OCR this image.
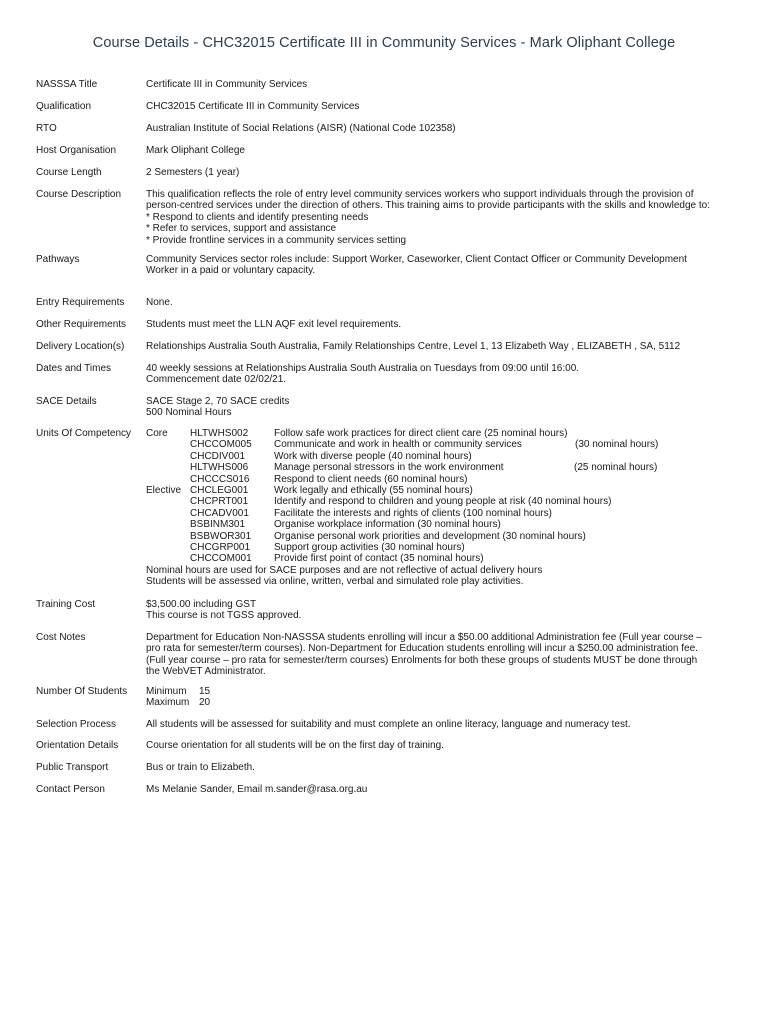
Course Details - CHC32015 Certificate III in Community Services - Mark Oliphant College
NASSSA Title	Certificate III in Community Services
Qualification	CHC32015 Certificate III in Community Services
RTO	Australian Institute of Social Relations (AISR) (National Code 102358)
Host Organisation	Mark Oliphant College
Course Length	2 Semesters (1 year)
Course Description	This qualification reflects the role of entry level community services workers who support individuals through the provision of
person-centred services under the direction of others. This training aims to provide participants with the skills and knowledge to:
* Respond to clients and identify presenting needs
* Refer to services, support and assistance
* Provide frontline services in a community services setting
Pathways	Community Services sector roles include: Support Worker, Caseworker, Client Contact Officer or Community Development
Worker in a paid or voluntary capacity.
Entry Requirements	None.
Other Requirements	Students must meet the LLN AQF exit level requirements.
Delivery Location(s)	Relationships Australia South Australia, Family Relationships Centre, Level 1, 13 Elizabeth Way , ELIZABETH , SA, 5112
Dates and Times	40 weekly sessions at Relationships Australia South Australia on Tuesdays from 09:00 until 16:00.
Commencement date 02/02/21.
SACE Details	SACE Stage 2, 70 SACE credits
500 Nominal Hours
Units Of Competency	Core HLTWHS002	Follow safe work practices for direct client care (25 nominal hours)
CHCCOM005 Communicate and work in health or community services	(30 nominal hours)
CHCDIV001	Work with diverse people (40 nominal hours)
HLTWHS006	Manage personal stressors in the work environment	(25 nominal hours)
CHCCCS016 Respond to client needs (60 nominal hours)
Elective CHCLEG001	Work legally and ethically (55 nominal hours)
CHCPRT001	Identify and respond to children and young people at risk (40 nominal hours)
CHCADV001	Facilitate the interests and rights of clients (100 nominal hours)
BSBINM301	Organise workplace information (30 nominal hours)
BSBWOR301 Organise personal work priorities and development (30 nominal hours)
CHCGRP001 Support group activities (30 nominal hours)
CHCCOM001 Provide first point of contact (35 nominal hours)
Nominal hours are used for SACE purposes and are not reflective of actual delivery hours
Students will be assessed via online, written, verbal and simulated role play activities.
Training Cost	$3,500.00 including GST
This course is not TGSS approved.
Cost Notes	Department for Education Non-NASSSA students enrolling will incur a $50.00 additional Administration fee (Full year course –
pro rata for semester/term courses). Non-Department for Education students enrolling will incur a $250.00 administration fee.
(Full year course – pro rata for semester/term courses) Enrolments for both these groups of students MUST be done through
the WebVET Administrator.
Number Of Students	Minimum 15
Maximum 20
Selection Process	All students will be assessed for suitability and must complete an online literacy, language and numeracy test.
Orientation Details	Course orientation for all students will be on the first day of training.
Public Transport	Bus or train to Elizabeth.
Contact Person	Ms Melanie Sander, Email m.sander@rasa.org.au
